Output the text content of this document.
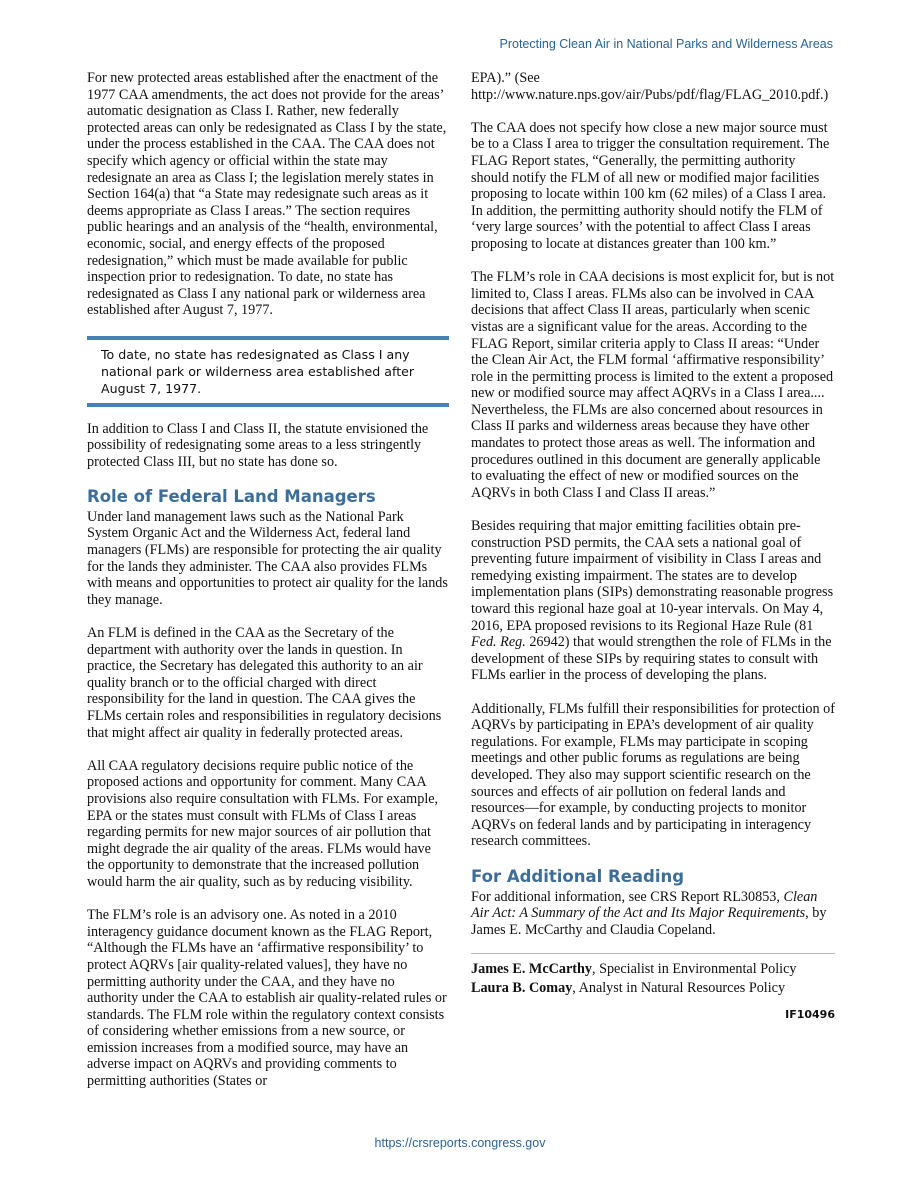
Protecting Clean Air in National Parks and Wilderness Areas

For new protected areas established after the enactment of the 1977 CAA amendments, the act does not provide for the areas’ automatic designation as Class I. Rather, new federally protected areas can only be redesignated as Class I by the state, under the process established in the CAA. The CAA does not specify which agency or official within the state may redesignate an area as Class I; the legislation merely states in Section 164(a) that “a State may redesignate such areas as it deems appropriate as Class I areas.” The section requires public hearings and an analysis of the “health, environmental, economic, social, and energy effects of the proposed redesignation,” which must be made available for public inspection prior to redesignation. To date, no state has redesignated as Class I any national park or wilderness area established after August 7, 1977.

To date, no state has redesignated as Class I any national park or wilderness area established after August 7, 1977.

In addition to Class I and Class II, the statute envisioned the possibility of redesignating some areas to a less stringently protected Class III, but no state has done so.

Role of Federal Land Managers

Under land management laws such as the National Park System Organic Act and the Wilderness Act, federal land managers (FLMs) are responsible for protecting the air quality for the lands they administer. The CAA also provides FLMs with means and opportunities to protect air quality for the lands they manage.

An FLM is defined in the CAA as the Secretary of the department with authority over the lands in question. In practice, the Secretary has delegated this authority to an air quality branch or to the official charged with direct responsibility for the land in question. The CAA gives the FLMs certain roles and responsibilities in regulatory decisions that might affect air quality in federally protected areas.

All CAA regulatory decisions require public notice of the proposed actions and opportunity for comment. Many CAA provisions also require consultation with FLMs. For example, EPA or the states must consult with FLMs of Class I areas regarding permits for new major sources of air pollution that might degrade the air quality of the areas. FLMs would have the opportunity to demonstrate that the increased pollution would harm the air quality, such as by reducing visibility.

The FLM’s role is an advisory one. As noted in a 2010 interagency guidance document known as the FLAG Report, “Although the FLMs have an ‘affirmative responsibility’ to protect AQRVs [air quality-related values], they have no permitting authority under the CAA, and they have no authority under the CAA to establish air quality-related rules or standards. The FLM role within the regulatory context consists of considering whether emissions from a new source, or emission increases from a modified source, may have an adverse impact on AQRVs and providing comments to permitting authorities (States or

EPA).” (See http://www.nature.nps.gov/air/Pubs/pdf/flag/FLAG_2010.pdf.)

The CAA does not specify how close a new major source must be to a Class I area to trigger the consultation requirement. The FLAG Report states, “Generally, the permitting authority should notify the FLM of all new or modified major facilities proposing to locate within 100 km (62 miles) of a Class I area. In addition, the permitting authority should notify the FLM of ‘very large sources’ with the potential to affect Class I areas proposing to locate at distances greater than 100 km.”

The FLM’s role in CAA decisions is most explicit for, but is not limited to, Class I areas. FLMs also can be involved in CAA decisions that affect Class II areas, particularly when scenic vistas are a significant value for the areas. According to the FLAG Report, similar criteria apply to Class II areas: “Under the Clean Air Act, the FLM formal ‘affirmative responsibility’ role in the permitting process is limited to the extent a proposed new or modified source may affect AQRVs in a Class I area.... Nevertheless, the FLMs are also concerned about resources in Class II parks and wilderness areas because they have other mandates to protect those areas as well. The information and procedures outlined in this document are generally applicable to evaluating the effect of new or modified sources on the AQRVs in both Class I and Class II areas.”

Besides requiring that major emitting facilities obtain pre-construction PSD permits, the CAA sets a national goal of preventing future impairment of visibility in Class I areas and remedying existing impairment. The states are to develop implementation plans (SIPs) demonstrating reasonable progress toward this regional haze goal at 10-year intervals. On May 4, 2016, EPA proposed revisions to its Regional Haze Rule (81 Fed. Reg. 26942) that would strengthen the role of FLMs in the development of these SIPs by requiring states to consult with FLMs earlier in the process of developing the plans.

Additionally, FLMs fulfill their responsibilities for protection of AQRVs by participating in EPA’s development of air quality regulations. For example, FLMs may participate in scoping meetings and other public forums as regulations are being developed. They also may support scientific research on the sources and effects of air pollution on federal lands and resources—for example, by conducting projects to monitor AQRVs on federal lands and by participating in interagency research committees.

For Additional Reading

For additional information, see CRS Report RL30853, Clean Air Act: A Summary of the Act and Its Major Requirements, by James E. McCarthy and Claudia Copeland.

James E. McCarthy, Specialist in Environmental Policy
Laura B. Comay, Analyst in Natural Resources Policy
IF10496
https://crsreports.congress.gov
